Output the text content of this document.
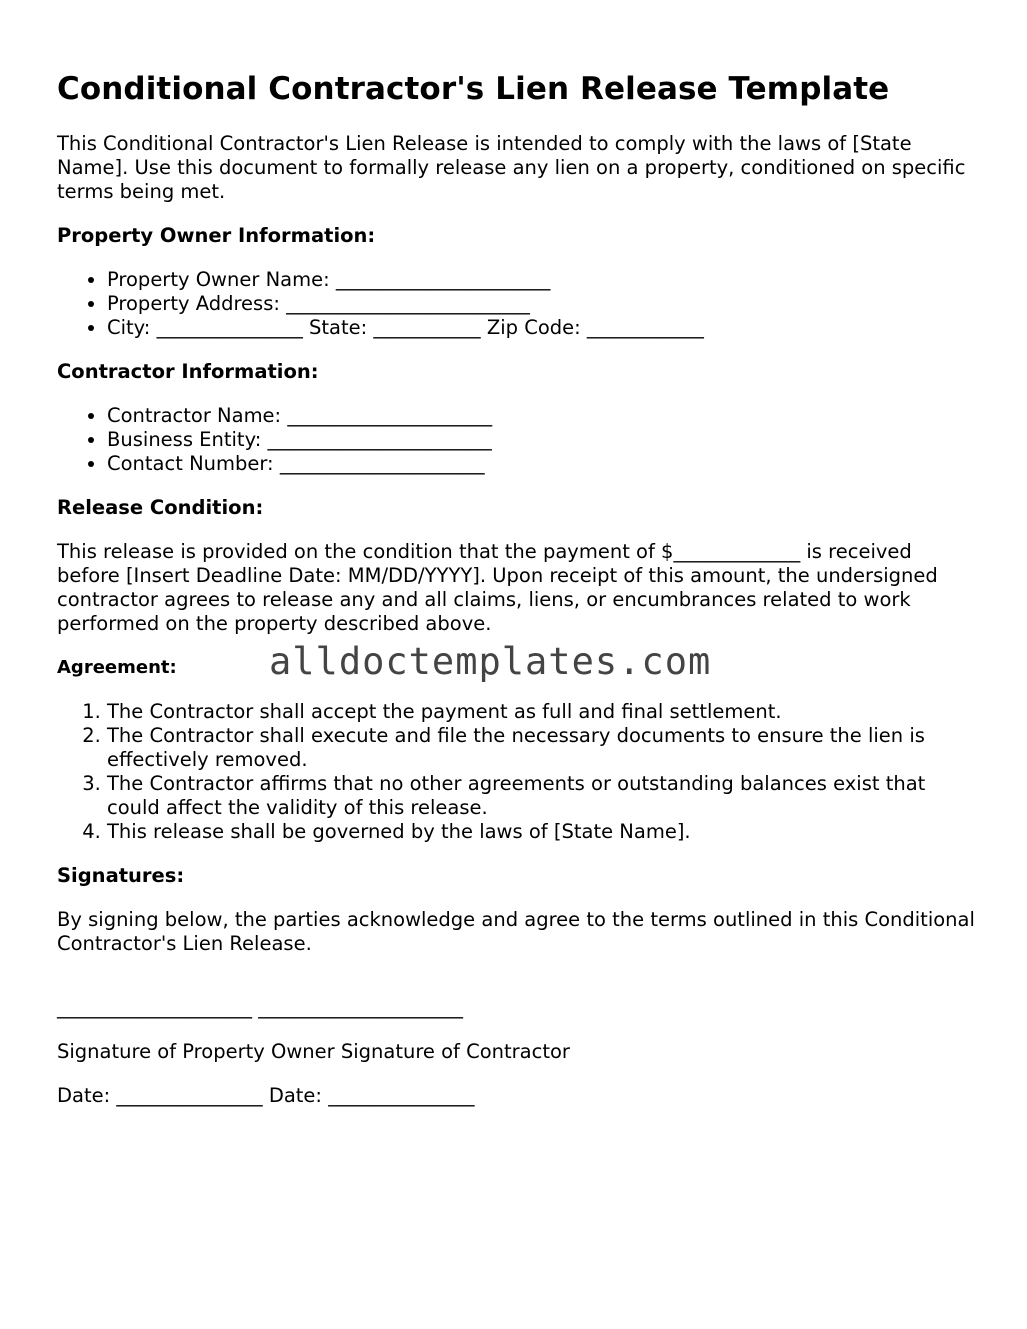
Conditional Contractor's Lien Release Template

This Conditional Contractor's Lien Release is intended to comply with the laws of [State Name]. Use this document to formally release any lien on a property, conditioned on specific terms being met.

Property Owner Information:
• Property Owner Name: ______________________
• Property Address: _________________________
• City: _______________ State: ___________ Zip Code: ____________
Contractor Information:
• Contractor Name: _____________________
• Business Entity: _______________________
• Contact Number: _____________________
Release Condition:

This release is provided on the condition that the payment of $_____________ is received before [Insert Deadline Date: MM/DD/YYYY]. Upon receipt of this amount, the undersigned contractor agrees to release any and all claims, liens, or encumbrances related to work performed on the property described above.

Agreement:	alldoctemplates.com
1. The Contractor shall accept the payment as full and final settlement.
2. The Contractor shall execute and file the necessary documents to ensure the lien is effectively removed.
3. The Contractor affirms that no other agreements or outstanding balances exist that could affect the validity of this release.
4. This release shall be governed by the laws of [State Name].
Signatures:

By signing below, the parties acknowledge and agree to the terms outlined in this Conditional Contractor's Lien Release.

____________________ _____________________

Signature of Property Owner Signature of Contractor

Date: _______________ Date: _______________
